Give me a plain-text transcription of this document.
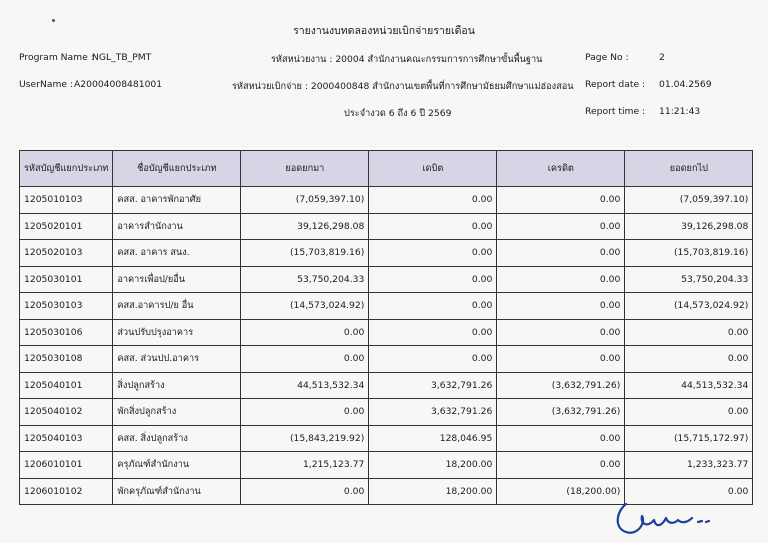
รายงานงบทดลองหน่วยเบิกจ่ายรายเดือน
Program Name :
NGL_TB_PMT	รหัสหน่วยงาน : 20004 สำนักงานคณะกรรมการการศึกษาขั้นพื้นฐาน	Page No :	2
UserName : A20004008481001	รหัสหน่วยเบิกจ่าย : 2000400848 สำนักงานเขตพื้นที่การศึกษามัธยมศึกษาแม่ฮ่องสอน Report date : 01.04.2569
ประจำงวด 6 ถึง 6 ปี 2569	Report time : 11:21:43
รหัสบัญชีแยกประเภท	ชื่อบัญชีแยกประเภท	ยอดยกมา	เดบิต	เครดิต	ยอดยกไป
1205010103	คสส. อาคารพักอาศัย	(7,059,397.10)	0.00	0.00	(7,059,397.10)
1205020101	อาคารสำนักงาน	39,126,298.08	0.00	0.00	39,126,298.08
1205020103	คสส. อาคาร สนง.	(15,703,819.16)	0.00	0.00	(15,703,819.16)
1205030101	อาคารเพื่อป/ยอื่น	53,750,204.33	0.00	0.00	53,750,204.33
1205030103	คสส.อาคารป/ย อื่น	(14,573,024.92)	0.00	0.00	(14,573,024.92)
1205030106	ส่วนปรับปรุงอาคาร	0.00	0.00	0.00	0.00
1205030108	คสส. ส่วนปป.อาคาร	0.00	0.00	0.00	0.00
1205040101	สิ่งปลูกสร้าง	44,513,532.34	3,632,791.26	(3,632,791.26)	44,513,532.34
1205040102	พักสิ่งปลูกสร้าง	0.00	3,632,791.26	(3,632,791.26)	0.00
1205040103	คสส. สิ่งปลูกสร้าง	(15,843,219.92)	128,046.95	0.00	(15,715,172.97)
1206010101	ครุภัณฑ์สำนักงาน	1,215,123.77	18,200.00	0.00	1,233,323.77
1206010102	พักครุภัณฑ์สำนักงาน	0.00	18,200.00	(18,200.00)	0.00
